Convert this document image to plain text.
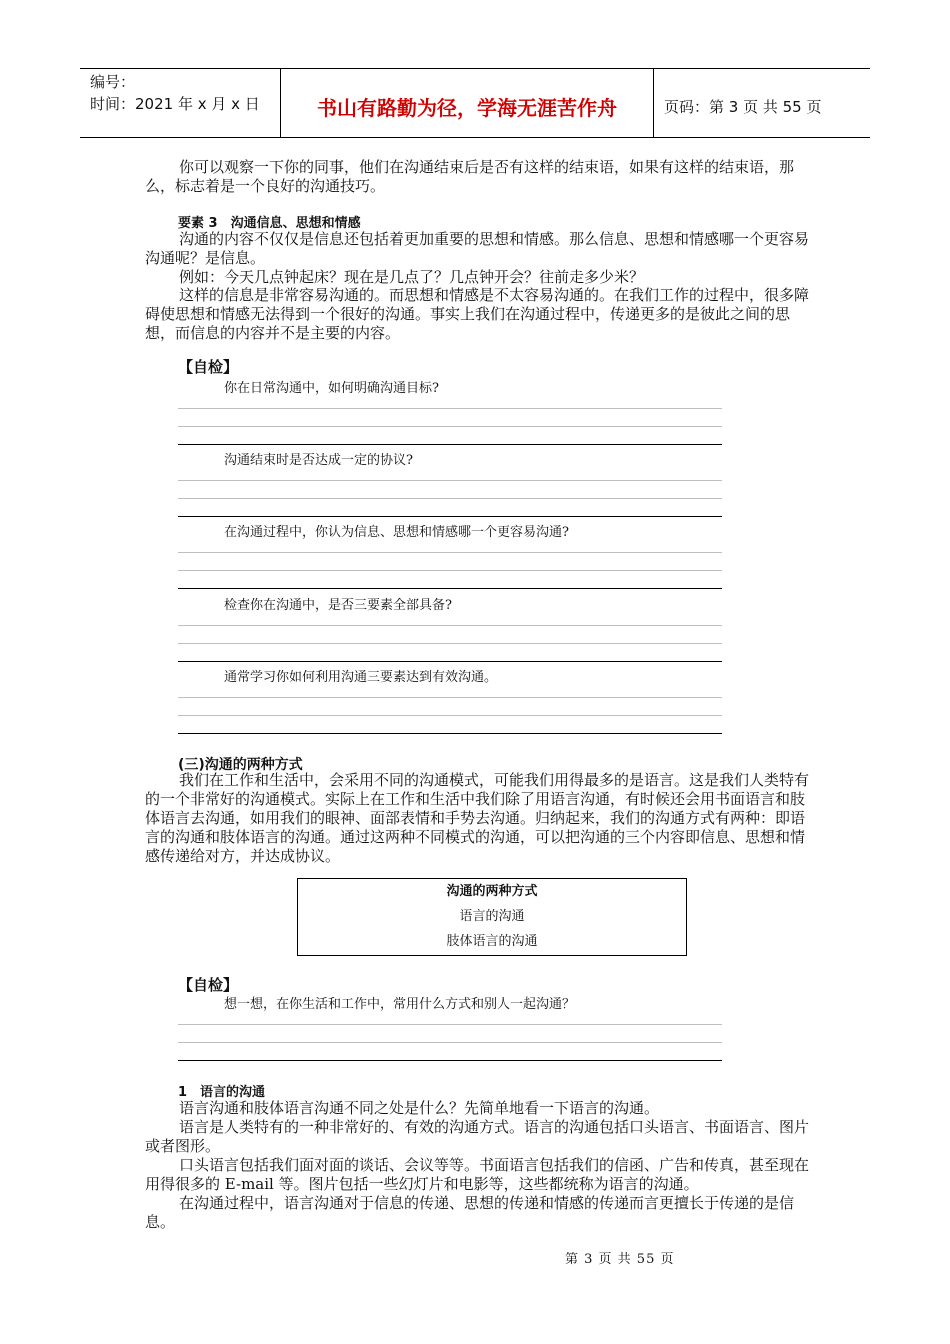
编号：
时间：2021 年 x 月 x 日	书山有路勤为径，学海无涯苦作舟	页码：第 3 页 共 55 页

你可以观察一下你的同事，他们在沟通结束后是否有这样的结束语，如果有这样的结束语，那么，标志着是一个良好的沟通技巧。

要素 3　沟通信息、思想和情感

沟通的内容不仅仅是信息还包括着更加重要的思想和情感。那么信息、思想和情感哪一个更容易沟通呢？是信息。

例如：今天几点钟起床？现在是几点了？几点钟开会？往前走多少米？

这样的信息是非常容易沟通的。而思想和情感是不太容易沟通的。在我们工作的过程中，很多障碍使思想和情感无法得到一个很好的沟通。事实上我们在沟通过程中，传递更多的是彼此之间的思想，而信息的内容并不是主要的内容。

【自检】

你在日常沟通中，如何明确沟通目标?

沟通结束时是否达成一定的协议?

在沟通过程中，你认为信息、思想和情感哪一个更容易沟通?

检查你在沟通中，是否三要素全部具备?

通常学习你如何利用沟通三要素达到有效沟通。

(三)沟通的两种方式

我们在工作和生活中，会采用不同的沟通模式，可能我们用得最多的是语言。这是我们人类特有的一个非常好的沟通模式。实际上在工作和生活中我们除了用语言沟通，有时候还会用书面语言和肢体语言去沟通，如用我们的眼神、面部表情和手势去沟通。归纳起来，我们的沟通方式有两种：即语言的沟通和肢体语言的沟通。通过这两种不同模式的沟通，可以把沟通的三个内容即信息、思想和情感传递给对方，并达成协议。

沟通的两种方式
语言的沟通
肢体语言的沟通

【自检】

想一想，在你生活和工作中，常用什么方式和别人一起沟通？

1　语言的沟通

语言沟通和肢体语言沟通不同之处是什么？先简单地看一下语言的沟通。

语言是人类特有的一种非常好的、有效的沟通方式。语言的沟通包括口头语言、书面语言、图片或者图形。

口头语言包括我们面对面的谈话、会议等等。书面语言包括我们的信函、广告和传真，甚至现在用得很多的 E-mail 等。图片包括一些幻灯片和电影等，这些都统称为语言的沟通。

在沟通过程中，语言沟通对于信息的传递、思想的传递和情感的传递而言更擅长于传递的是信息。

第 3 页 共 55 页
